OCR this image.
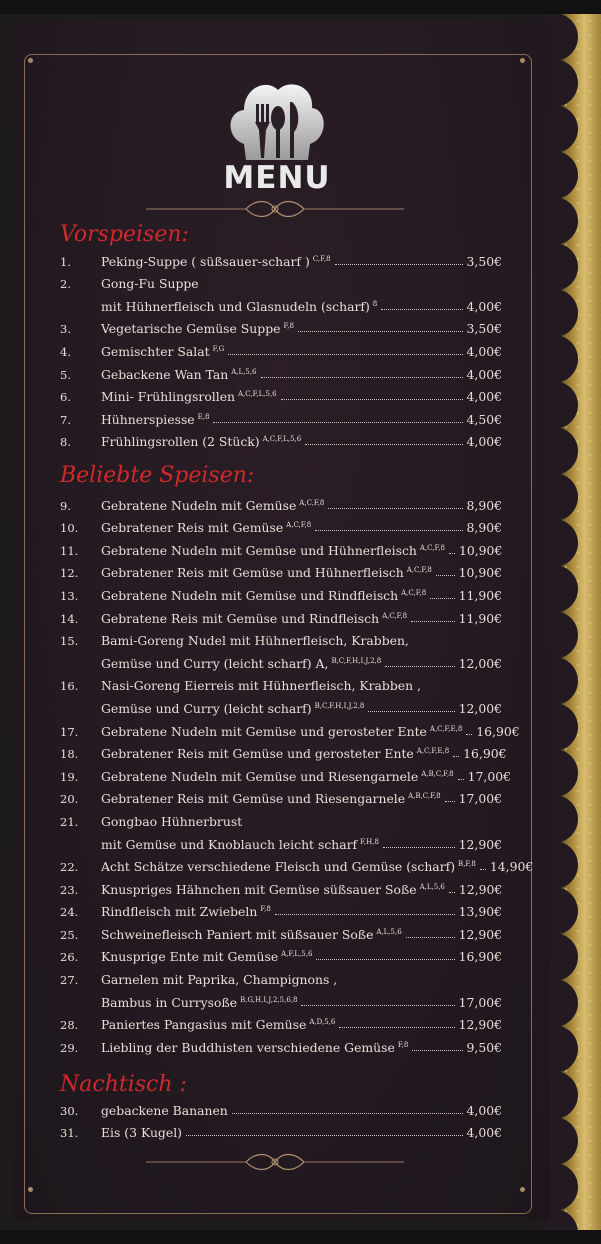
MENU
Vorspeisen:
1.	Peking-Suppe ( süßsauer-scharf ) $^{C,F,8}$	3,50€
2.	Gong-Fu Suppe
mit Hühnerfleisch und Glasnudeln (scharf) $^8$	4,00€
3.	Vegetarische Gemüse Suppe $^{F,8}$	3,50€
4.	Gemischter Salat $^{F,G}$	4,00€
5.	Gebackene Wan Tan $^{A,L,5,6}$	4,00€
6.	Mini- Frühlingsrollen $^{A,C,F,L,5,6}$	4,00€
7.	Hühnerspiesse $^{E,8}$	4,50€
8.	Frühlingsrollen (2 Stück) $^{A,C,F,L,5,6}$	4,00€
Beliebte Speisen:
9.	Gebratene Nudeln mit Gemüse $^{A,C,F,8}$	8,90€
10.	Gebratener Reis mit Gemüse $^{A,C,F,8}$	8,90€
11.	Gebratene Nudeln mit Gemüse und Hühnerfleisch $^{A,C,F,8}$ 10,90€
12.	Gebratener Reis mit Gemüse und Hühnerfleisch $^{A,C,F,8}$ 10,90€
13.	Gebratene Nudeln mit Gemüse und Rindfleisch $^{A,C,F,8}$	11,90€
14.	Gebratene Reis mit Gemüse und Rindfleisch $^{A,C,F,8}$	11,90€
15.	Bami-Goreng Nudel mit Hühnerfleisch, Krabben,
Gemüse und Curry (leicht scharf) A, $^{B,C,F,H,I,J,2,8}$	12,00€
16.	Nasi-Goreng Eierreis mit Hühnerfleisch, Krabben ,
Gemüse und Curry (leicht scharf) $^{B,C,F,H,I,J,2,8}$	12,00€
17.	Gebratene Nudeln mit Gemüse und gerosteter Ente $^{A,C,F,E,8}$ 16,90€
18.	Gebratener Reis mit Gemüse und gerosteter Ente $^{A,C,F,E,8}$ 16,90€
19.	Gebratene Nudeln mit Gemüse und Riesengarnele $^{A,B,C,F,8}$ 17,00€
20.	Gebratener Reis mit Gemüse und Riesengarnele $^{A,B,C,F,8}$ 17,00€
21.	Gongbao Hühnerbrust
mit Gemüse und Knoblauch leicht scharf $^{F,H,8}$	12,90€
22.	Acht Schätze verschiedene Fleisch und Gemüse (scharf) $^{B,F,8}$ 14,90€
23.	Knuspriges Hähnchen mit Gemüse süßsauer Soße $^{A,L,5,6}$ 12,90€
24.	Rindfleisch mit Zwiebeln $^{F,8}$	13,90€
25.	Schweinefleisch Paniert mit süßsauer Soße $^{A,L,5,6}$	12,90€
26.	Knusprige Ente mit Gemüse $^{A,F,L,5,6}$	16,90€
27.	Garnelen mit Paprika, Champignons ,
Bambus in Currysoße $^{B,G,H,I,J,2,5,6,8}$	17,00€
28.	Paniertes Pangasius mit Gemüse $^{A,D,5,6}$	12,90€
29.	Liebling der Buddhisten verschiedene Gemüse $^{F,8}$	9,50€
Nachtisch :
30.	gebackene Bananen	4,00€
31.	Eis (3 Kugel)	4,00€
